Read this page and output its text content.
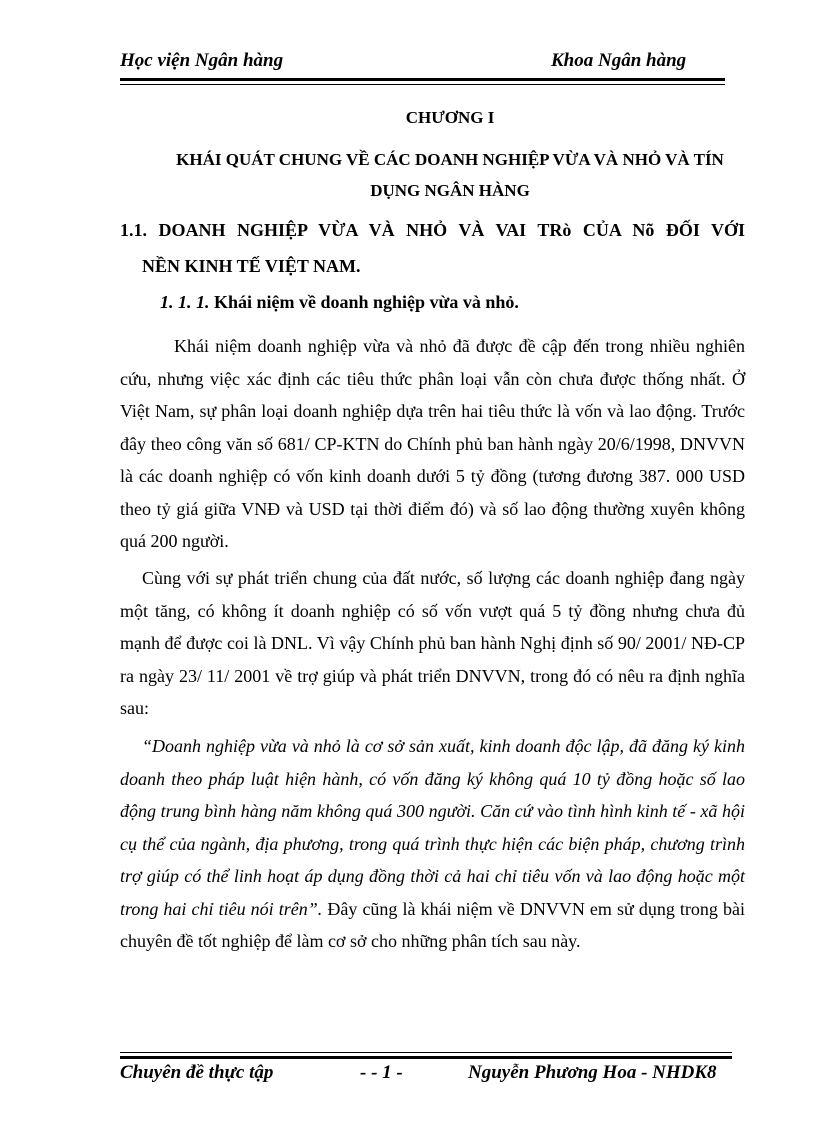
Học viện Ngân hàng	Khoa Ngân hàng
CHƯƠNG I
KHÁI QUÁT CHUNG VỀ CÁC DOANH NGHIỆP VỪA VÀ NHỎ VÀ TÍN
DỤNG NGÂN HÀNG
1.1. DOANH NGHIỆP VỪA VÀ NHỎ VÀ VAI TRò CỦA Nõ ĐỐI VỚI
NỀN KINH TẾ VIỆT NAM.
1. 1. 1. Khái niệm về doanh nghiệp vừa và nhỏ.
Khái niệm doanh nghiệp vừa và nhỏ đã được đề cập đến trong nhiều nghiên cứu, nhưng việc xác định các tiêu thức phân loại vẫn còn chưa được thống nhất. Ở Việt Nam, sự phân loại doanh nghiệp dựa trên hai tiêu thức là vốn và lao động. Trước đây theo công văn số 681/ CP-KTN do Chính phủ ban hành ngày 20/6/1998, DNVVN là các doanh nghiệp có vốn kinh doanh dưới 5 tỷ đồng (tương đương 387. 000 USD theo tỷ giá giữa VNĐ và USD tại thời điểm đó) và số lao động thường xuyên không quá 200 người.
Cùng với sự phát triển chung của đất nước, số lượng các doanh nghiệp đang ngày một tăng, có không ít doanh nghiệp có số vốn vượt quá 5 tỷ đồng nhưng chưa đủ mạnh để được coi là DNL. Vì vậy Chính phủ ban hành Nghị định số 90/ 2001/ NĐ-CP ra ngày 23/ 11/ 2001 về trợ giúp và phát triển DNVVN, trong đó có nêu ra định nghĩa sau:
“Doanh nghiệp vừa và nhỏ là cơ sở sản xuất, kinh doanh độc lập, đã đăng ký kinh doanh theo pháp luật hiện hành, có vốn đăng ký không quá 10 tỷ đồng hoặc số lao động trung bình hàng năm không quá 300 người. Căn cứ vào tình hình kinh tế - xã hội cụ thể của ngành, địa phương, trong quá trình thực hiện các biện pháp, chương trình trợ giúp có thể linh hoạt áp dụng đồng thời cả hai chỉ tiêu vốn và lao động hoặc một trong hai chỉ tiêu nói trên”. Đây cũng là khái niệm về DNVVN em sử dụng trong bài chuyên đề tốt nghiệp để làm cơ sở cho những phân tích sau này.
Chuyên đề thực tập	- - 1 -	Nguyễn Phương Hoa - NHDK8
